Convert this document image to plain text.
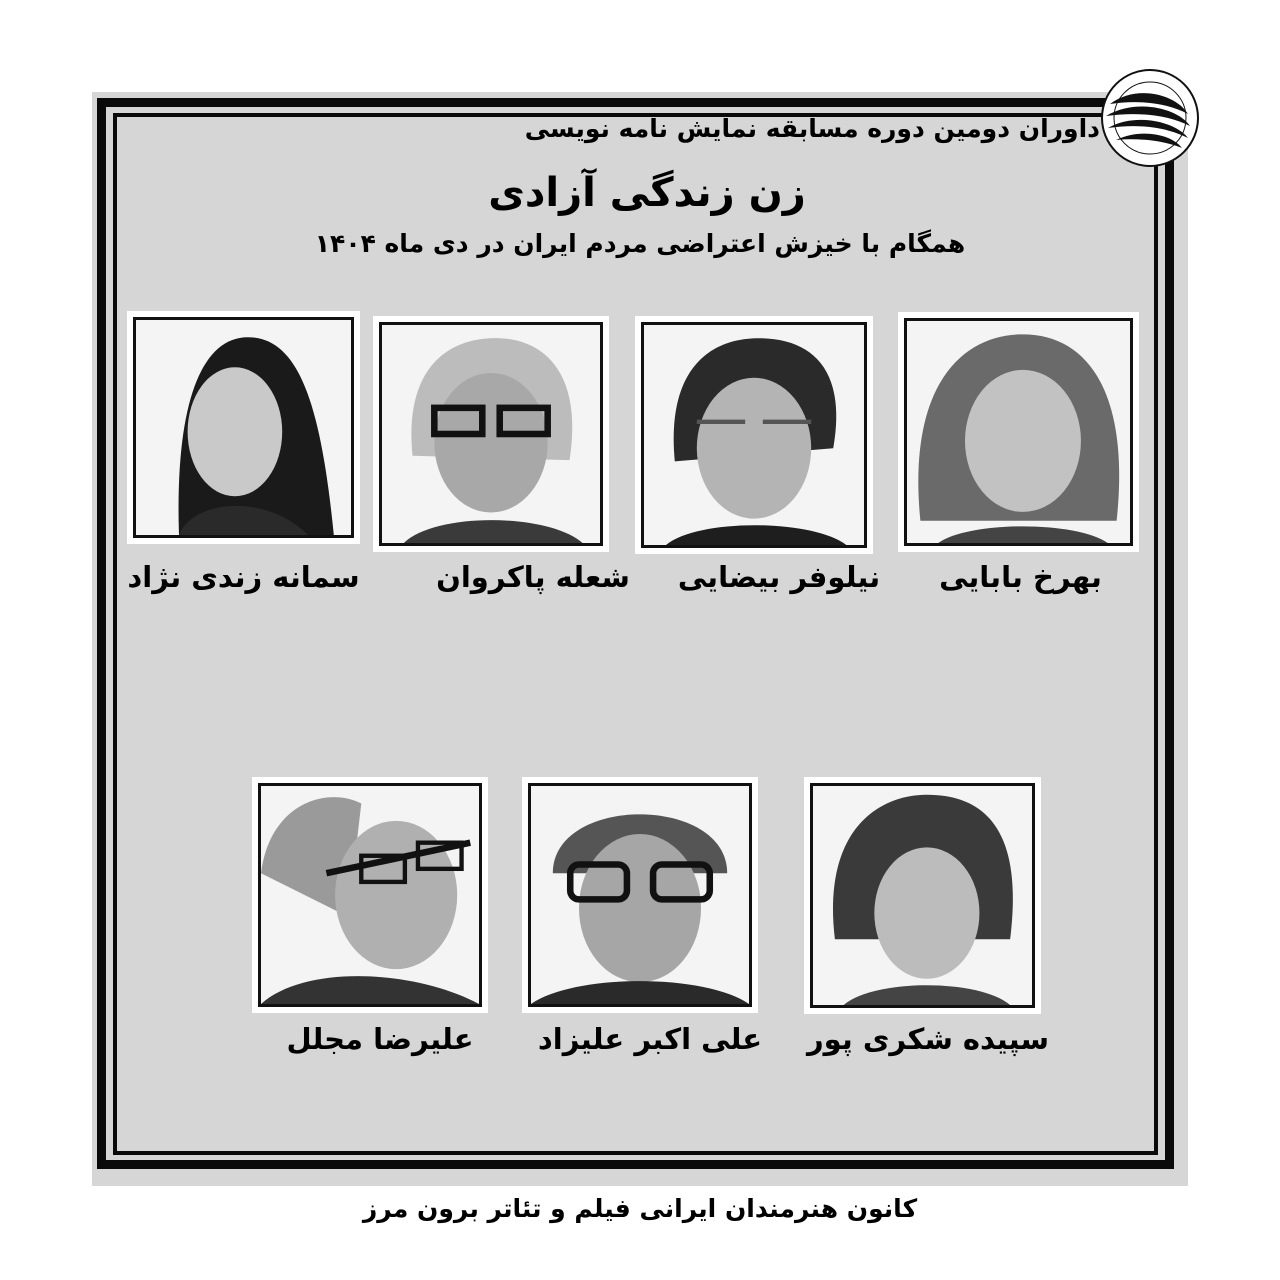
داوران دومین دوره مسابقه نمایش نامه نویسی
زن زندگی آزادی
همگام با خیزش اعتراضی مردم ایران در دی ماه ۱۴۰۴
سمانه زندی نژاد	شعله پاکروان	نیلوفر بیضایی	بهرخ بابایی
علیرضا مجلل	علی اکبر علیزاد سپیده شکری پور
کانون هنرمندان ایرانی فیلم و تئاتر برون مرز
